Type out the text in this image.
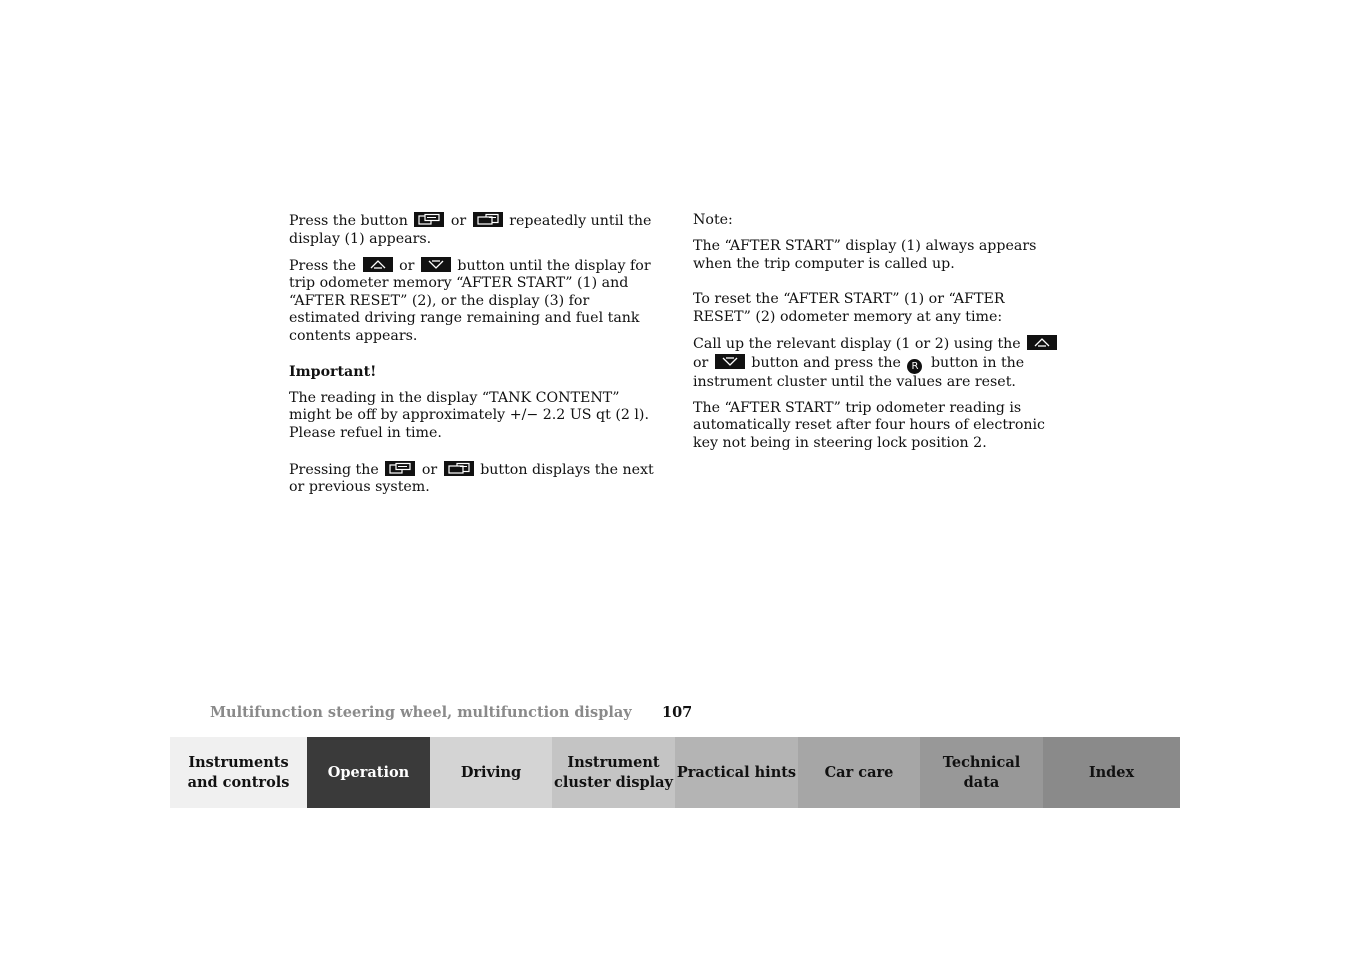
Press the button	or	repeatedly until the display (1) appears.

Press the	or	button until the display for trip odometer memory “AFTER START” (1) and “AFTER RESET” (2), or the display (3) for estimated driving range remaining and fuel tank contents appears.

Important!

The reading in the display “TANK CONTENT” might be off by approximately +/− 2.2 US qt (2 l). Please refuel in time.

Pressing the	or	button displays the next or previous system.

Note:

The “AFTER START” display (1) always appears when the trip computer is called up.

To reset the “AFTER START” (1) or “AFTER RESET” (2) odometer memory at any time:

Call up the relevant display (1 or 2) using the
or	button and press the R button in the instrument cluster until the values are reset.

The “AFTER START” trip odometer reading is automatically reset after four hours of electronic key not being in steering lock position 2.

Multifunction steering wheel, multifunction display 107
Instruments
and controls
Operation	Driving
Instrument
cluster display
Practical hints Car care
Technical
data
Index
